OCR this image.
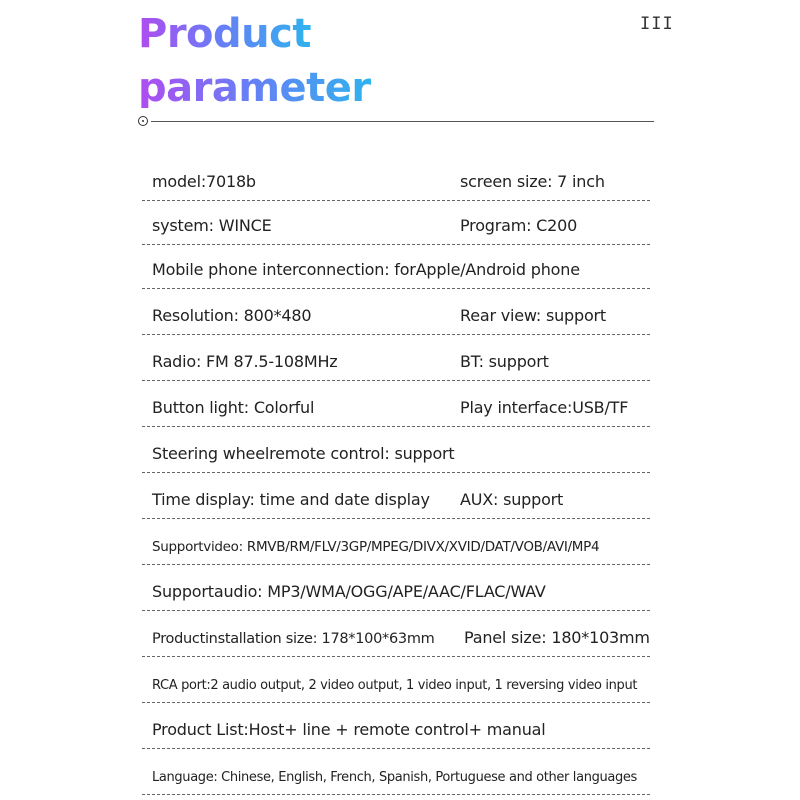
Product
parameter
III
model:7018b	screen size: 7 inch
system: WINCE	Program: C200
Mobile phone interconnection: forApple/Android phone
Resolution: 800*480	Rear view: support
Radio: FM 87.5-108MHz	BT: support
Button light: Colorful	Play interface:USB/TF
Steering wheelremote control: support
Time display: time and date display AUX: support
Supportvideo: RMVB/RM/FLV/3GP/MPEG/DIVX/XVID/DAT/VOB/AVI/MP4
Supportaudio: MP3/WMA/OGG/APE/AAC/FLAC/WAV
Productinstallation size: 178*100*63mm Panel size: 180*103mm
RCA port:2 audio output, 2 video output, 1 video input, 1 reversing video input
Product List:Host+ line + remote control+ manual
Language: Chinese, English, French, Spanish, Portuguese and other languages
